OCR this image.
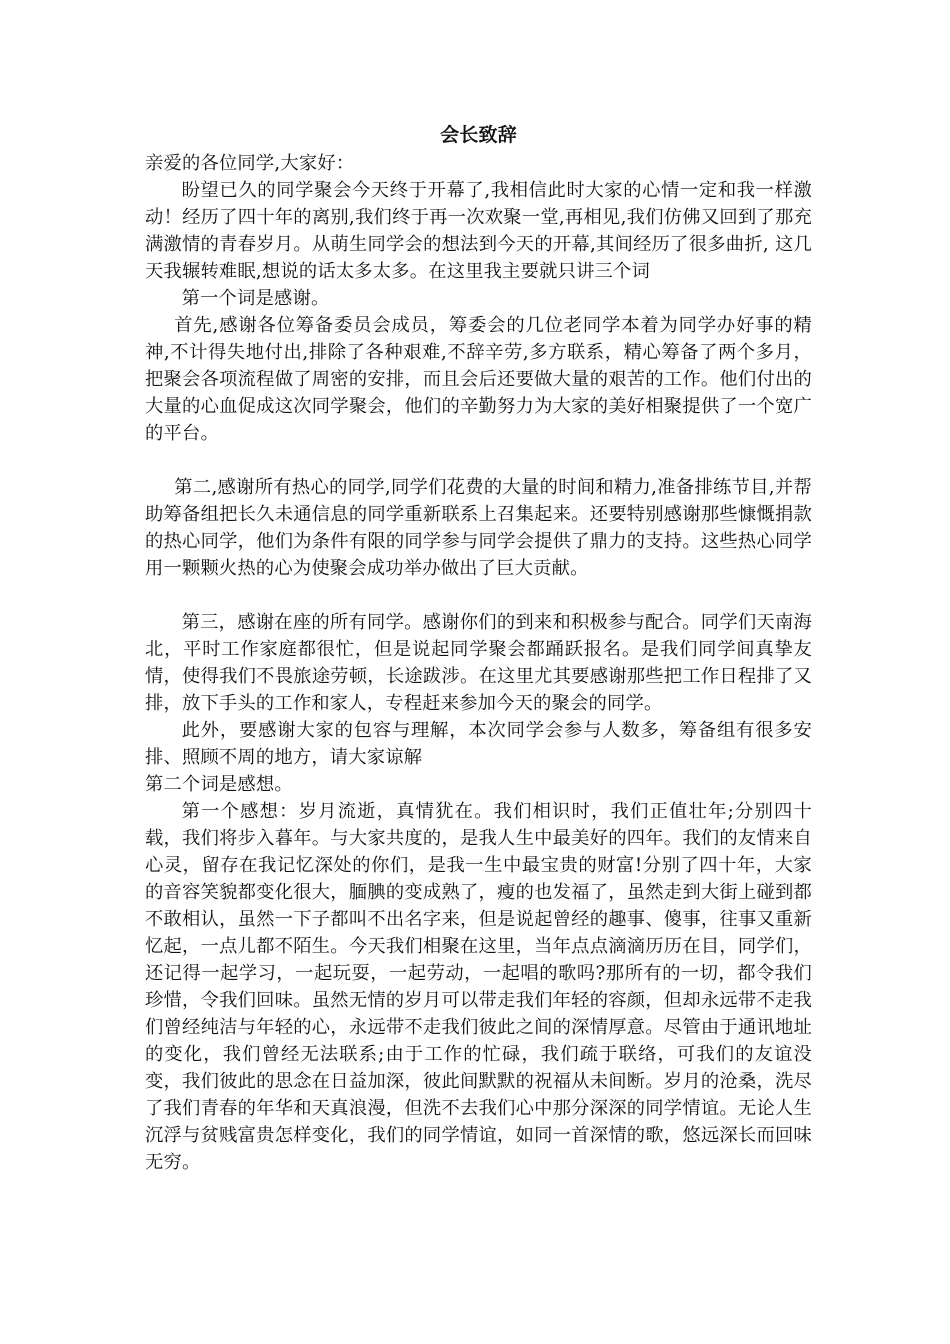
会长致辞

亲爱的各位同学,大家好：

盼望已久的同学聚会今天终于开幕了,我相信此时大家的心情一定和我一样激动！经历了四十年的离别,我们终于再一次欢聚一堂,再相见,我们仿佛又回到了那充满激情的青春岁月。从萌生同学会的想法到今天的开幕,其间经历了很多曲折, 这几天我辗转难眠,想说的话太多太多。在这里我主要就只讲三个词

第一个词是感谢。

首先,感谢各位筹备委员会成员，筹委会的几位老同学本着为同学办好事的精神,不计得失地付出,排除了各种艰难,不辞辛劳,多方联系，精心筹备了两个多月，把聚会各项流程做了周密的安排，而且会后还要做大量的艰苦的工作。他们付出的大量的心血促成这次同学聚会，他们的辛勤努力为大家的美好相聚提供了一个宽广的平台。

第二,感谢所有热心的同学,同学们花费的大量的时间和精力,准备排练节目,并帮助筹备组把长久未通信息的同学重新联系上召集起来。还要特别感谢那些慷慨捐款的热心同学，他们为条件有限的同学参与同学会提供了鼎力的支持。这些热心同学用一颗颗火热的心为使聚会成功举办做出了巨大贡献。

第三，感谢在座的所有同学。感谢你们的到来和积极参与配合。同学们天南海北，平时工作家庭都很忙，但是说起同学聚会都踊跃报名。是我们同学间真挚友情，使得我们不畏旅途劳顿，长途跋涉。在这里尤其要感谢那些把工作日程排了又排，放下手头的工作和家人，专程赶来参加今天的聚会的同学。

此外，要感谢大家的包容与理解，本次同学会参与人数多，筹备组有很多安排、照顾不周的地方，请大家谅解

第二个词是感想。

第一个感想：岁月流逝，真情犹在。我们相识时，我们正值壮年;分别四十载，我们将步入暮年。与大家共度的，是我人生中最美好的四年。我们的友情来自心灵，留存在我记忆深处的你们，是我一生中最宝贵的财富!分别了四十年，大家的音容笑貌都变化很大，腼腆的变成熟了，瘦的也发福了，虽然走到大街上碰到都不敢相认，虽然一下子都叫不出名字来，但是说起曾经的趣事、傻事，往事又重新忆起，一点儿都不陌生。今天我们相聚在这里，当年点点滴滴历历在目，同学们，还记得一起学习，一起玩耍，一起劳动，一起唱的歌吗?那所有的一切，都令我们珍惜，令我们回味。虽然无情的岁月可以带走我们年轻的容颜，但却永远带不走我们曾经纯洁与年轻的心，永远带不走我们彼此之间的深情厚意。尽管由于通讯地址的变化，我们曾经无法联系;由于工作的忙碌，我们疏于联络，可我们的友谊没变，我们彼此的思念在日益加深，彼此间默默的祝福从未间断。岁月的沧桑，洗尽了我们青春的年华和天真浪漫，但洗不去我们心中那分深深的同学情谊。无论人生沉浮与贫贱富贵怎样变化，我们的同学情谊，如同一首深情的歌，悠远深长而回味无穷。
